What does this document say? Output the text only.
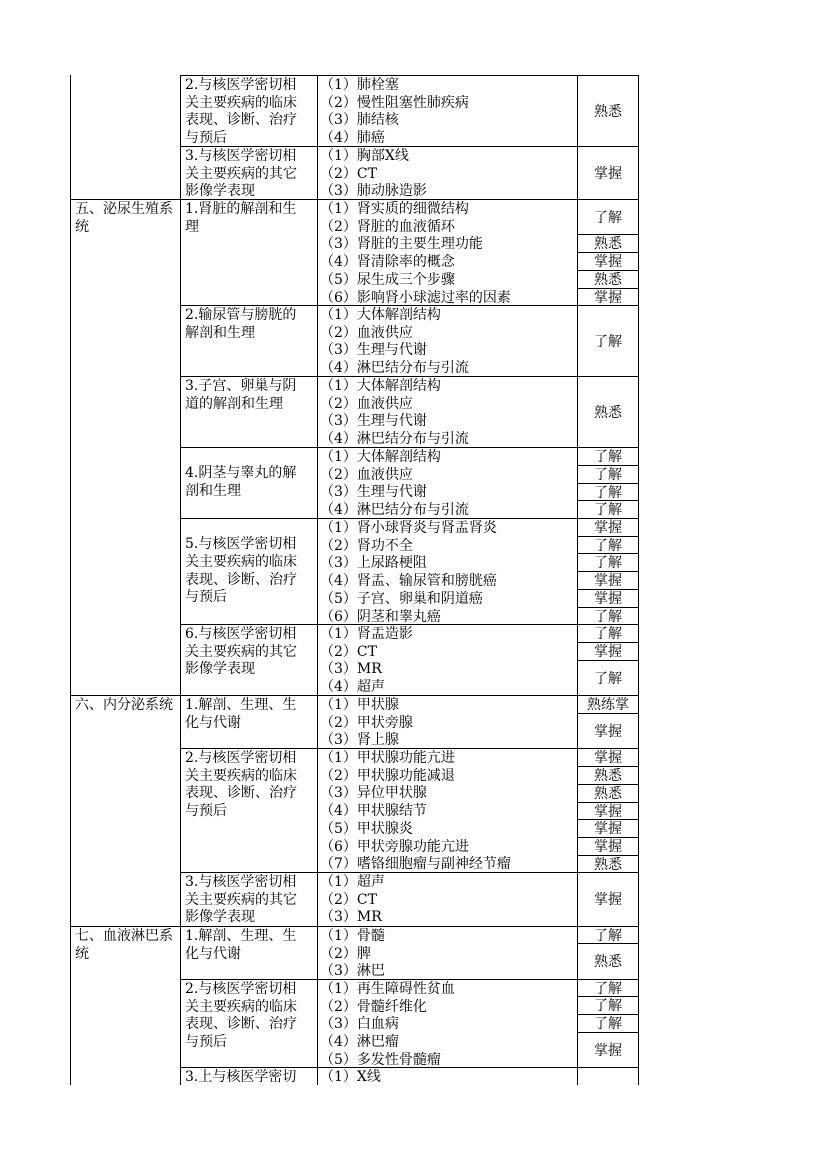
2.与核医学密切相
关主要疾病的临床
表现、诊断、治疗
与预后
（1）肺栓塞
（2）慢性阻塞性肺疾病
（3）肺结核
（4）肺癌
熟悉
3.与核医学密切相
关主要疾病的其它
影像学表现
（1）胸部X线
（2）CT
（3）肺动脉造影
掌握
五、泌尿生殖系
统
1.肾脏的解剖和生
理
（1）肾实质的细微结构
（2）肾脏的血液循环
（3）肾脏的主要生理功能
（4）肾清除率的概念
（5）尿生成三个步骤
（6）影响肾小球滤过率的因素
了解
熟悉
掌握
熟悉
掌握
2.输尿管与膀胱的
解剖和生理
（1）大体解剖结构
（2）血液供应
（3）生理与代谢
（4）淋巴结分布与引流
了解
3.子宫、卵巢与阴
道的解剖和生理
（1）大体解剖结构
（2）血液供应
（3）生理与代谢
（4）淋巴结分布与引流
熟悉
4.阴茎与睾丸的解
剖和生理
（1）大体解剖结构
（2）血液供应
（3）生理与代谢
（4）淋巴结分布与引流
了解
了解
了解
了解
5.与核医学密切相
关主要疾病的临床
表现、诊断、治疗
与预后
（1）肾小球肾炎与肾盂肾炎
（2）肾功不全
（3）上尿路梗阻
（4）肾盂、输尿管和膀胱癌
（5）子宫、卵巢和阴道癌
（6）阴茎和睾丸癌
掌握
了解
了解
掌握
掌握
了解
6.与核医学密切相
关主要疾病的其它
影像学表现
（1）肾盂造影
（2）CT
（3）MR
（4）超声
了解
掌握
了解
六、内分泌系统 1.解剖、生理、生
化与代谢
（1）甲状腺
（2）甲状旁腺
（3）肾上腺
熟练掌
掌握
2.与核医学密切相
关主要疾病的临床
表现、诊断、治疗
与预后
（1）甲状腺功能亢进
（2）甲状腺功能减退
（3）异位甲状腺
（4）甲状腺结节
（5）甲状腺炎
（6）甲状旁腺功能亢进
（7）嗜铬细胞瘤与副神经节瘤
掌握
熟悉
熟悉
掌握
掌握
掌握
熟悉
3.与核医学密切相
关主要疾病的其它
影像学表现
（1）超声
（2）CT
（3）MR
掌握
七、血液淋巴系
统
1.解剖、生理、生
化与代谢
（1）骨髓
（2）脾
（3）淋巴
了解
熟悉
2.与核医学密切相
关主要疾病的临床
表现、诊断、治疗
与预后
（1）再生障碍性贫血
（2）骨髓纤维化
（3）白血病
（4）淋巴瘤
（5）多发性骨髓瘤
了解
了解
了解
掌握
3.上与核医学密切	（1）X线
